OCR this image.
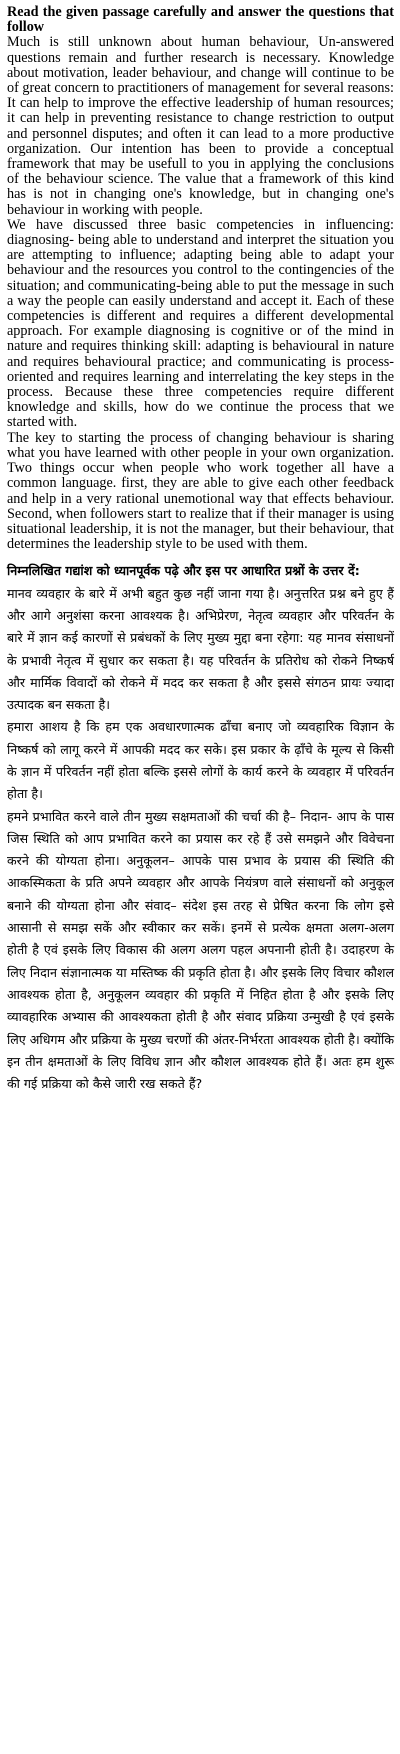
Read the given passage carefully and answer the questions that follow

Much is still unknown about human behaviour, Un-answered questions remain and further research is necessary. Knowledge about motivation, leader behaviour, and change will continue to be of great concern to practitioners of management for several reasons: It can help to improve the effective leadership of human resources; it can help in preventing resistance to change restriction to output and personnel disputes; and often it can lead to a more productive organization. Our intention has been to provide a conceptual framework that may be usefull to you in applying the conclusions of the behaviour science. The value that a framework of this kind has is not in changing one's knowledge, but in changing one's behaviour in working with people.

We have discussed three basic competencies in influencing: diagnosing- being able to understand and interpret the situation you are attempting to influence; adapting being able to adapt your behaviour and the resources you control to the contingencies of the situation; and communicating-being able to put the message in such a way the people can easily understand and accept it. Each of these competencies is different and requires a different developmental approach. For example diagnosing is cognitive or of the mind in nature and requires thinking skill: adapting is behavioural in nature and requires behavioural practice; and communicating is process- oriented and requires learning and interrelating the key steps in the process. Because these three competencies require different knowledge and skills, how do we continue the process that we started with.

The key to starting the process of changing behaviour is sharing what you have learned with other people in your own organization. Two things occur when people who work together all have a common language. first, they are able to give each other feedback and help in a very rational unemotional way that effects behaviour. Second, when followers start to realize that if their manager is using situational leadership, it is not the manager, but their behaviour, that determines the leadership style to be used with them.

निम्नलिखित गद्यांश को ध्यानपूर्वक पढ़े और इस पर आधारित प्रश्नों के उत्तर दें:

मानव व्यवहार के बारे में अभी बहुत कुछ नहीं जाना गया है। अनुत्तरित प्रश्न बने हुए हैं और आगे अनुशंसा करना आवश्यक है। अभिप्रेरण, नेतृत्व व्यवहार और परिवर्तन के बारे में ज्ञान कई कारणों से प्रबंधकों के लिए मुख्य मुद्दा बना रहेगा: यह मानव संसाधनों के प्रभावी नेतृत्व में सुधार कर सकता है। यह परिवर्तन के प्रतिरोध को रोकने निष्कर्ष और मार्मिक विवादों को रोकने में मदद कर सकता है और इससे संगठन प्रायः ज्यादा उत्पादक बन सकता है।

हमारा आशय है कि हम एक अवधारणात्मक ढाँचा बनाए जो व्यवहारिक विज्ञान के निष्कर्ष को लागू करने में आपकी मदद कर सके। इस प्रकार के ढ़ाँचे के मूल्य से किसी के ज्ञान में परिवर्तन नहीं होता बल्कि इससे लोगों के कार्य करने के व्यवहार में परिवर्तन होता है।

हमने प्रभावित करने वाले तीन मुख्य सक्षमताओं की चर्चा की है– निदान- आप के पास जिस स्थिति को आप प्रभावित करने का प्रयास कर रहे हैं उसे समझने और विवेचना करने की योग्यता होना। अनुकूलन– आपके पास प्रभाव के प्रयास की स्थिति की आकस्मिकता के प्रति अपने व्यवहार और आपके नियंत्रण वाले संसाधनों को अनुकूल बनाने की योग्यता होना और संवाद– संदेश इस तरह से प्रेषित करना कि लोग इसे आसानी से समझ सकें और स्वीकार कर सकें। इनमें से प्रत्येक क्षमता अलग-अलग होती है एवं इसके लिए विकास की अलग अलग पहल अपनानी होती है। उदाहरण के लिए निदान संज्ञानात्मक या मस्तिष्क की प्रकृति होता है। और इसके लिए विचार कौशल आवश्यक होता है, अनुकूलन व्यवहार की प्रकृति में निहित होता है और इसके लिए व्यावहारिक अभ्यास की आवश्यकता होती है और संवाद प्रक्रिया उन्मुखी है एवं इसके लिए अधिगम और प्रक्रिया के मुख्य चरणों की अंतर-निर्भरता आवश्यक होती है। क्योंकि इन तीन क्षमताओं के लिए विविध ज्ञान और कौशल आवश्यक होते हैं। अतः हम शुरू की गई प्रक्रिया को कैसे जारी रख सकते हैं?
